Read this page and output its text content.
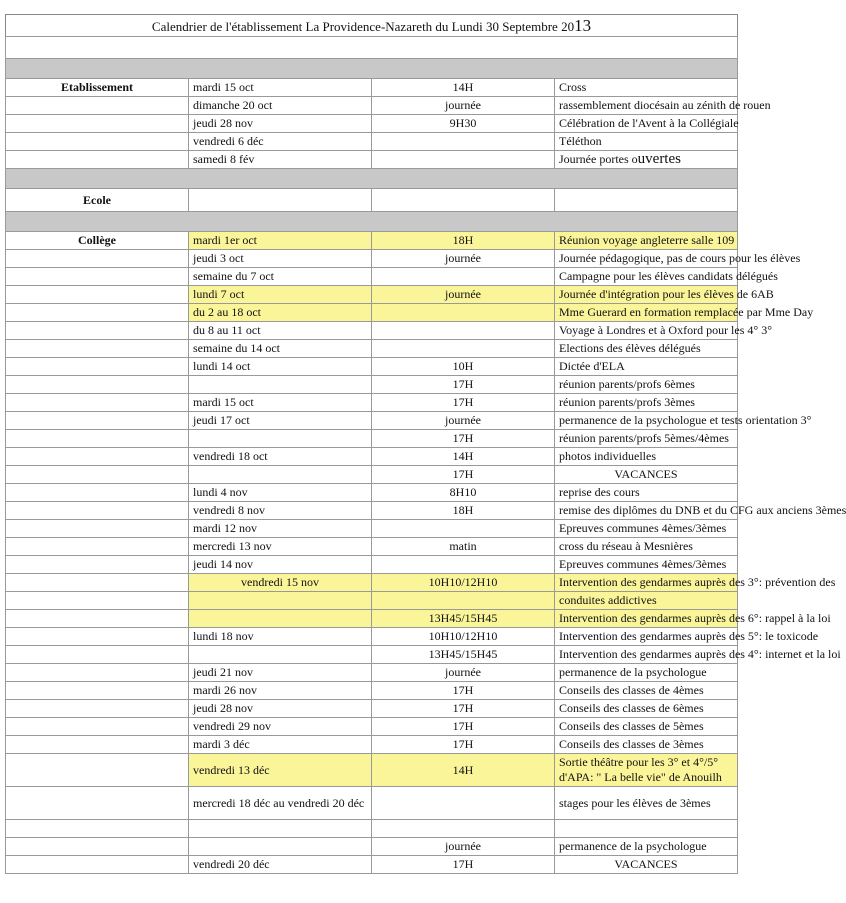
Calendrier de l'établissement La Providence-Nazareth du Lundi 30 Septembre 2013

Etablissement	mardi 15 oct	14H	Cross
	dimanche 20 oct	journée	rassemblement diocésain au zénith de rouen
	jeudi 28 nov	9H30	Célébration de l'Avent à la Collégiale
	vendredi 6 déc		Téléthon
	samedi 8 fév		Journée portes ouvertes

Ecole			

Collège	mardi 1er oct	18H	Réunion voyage angleterre salle 109
	jeudi 3 oct	journée	Journée pédagogique, pas de cours pour les élèves
	semaine du 7 oct		Campagne pour les élèves candidats délégués
	lundi 7 oct	journée	Journée d'intégration pour les élèves de 6AB
	du 2 au 18 oct		Mme Guerard en formation remplacée par Mme Day
	du 8 au 11 oct		Voyage à Londres et à Oxford pour les 4° 3°
	semaine du 14 oct		Elections des élèves délégués
	lundi 14 oct	10H	Dictée d'ELA
		17H	réunion parents/profs 6èmes
	mardi 15 oct	17H	réunion parents/profs 3èmes
	jeudi 17 oct	journée	permanence de la psychologue et tests orientation 3°
		17H	réunion parents/profs 5èmes/4èmes
	vendredi 18 oct	14H	photos individuelles
		17H	VACANCES
	lundi 4 nov	8H10	reprise des cours
	vendredi 8 nov	18H	remise des diplômes du DNB et du CFG aux anciens 3èmes
	mardi 12 nov		Epreuves communes 4èmes/3èmes
	mercredi 13 nov	matin	cross du réseau à Mesnières
	jeudi 14 nov		Epreuves communes 4èmes/3èmes
	vendredi 15 nov	10H10/12H10	Intervention des gendarmes auprès des 3°: prévention des
			conduites addictives
		13H45/15H45	Intervention des gendarmes auprès des 6°: rappel à la loi
	lundi 18 nov	10H10/12H10	Intervention des gendarmes auprès des 5°: le toxicode
		13H45/15H45	Intervention des gendarmes auprès des 4°: internet et la loi
	jeudi 21 nov	journée	permanence de la psychologue
	mardi 26 nov	17H	Conseils des classes de 4èmes
	jeudi 28 nov	17H	Conseils des classes de 6èmes
	vendredi 29 nov	17H	Conseils des classes de 5èmes
	mardi 3 déc	17H	Conseils des classes de 3èmes
	vendredi 13 déc	14H	Sortie théâtre pour les 3° et 4°/5° d'APA: " La belle vie" de Anouilh
	mercredi 18 déc au vendredi 20 déc		stages pour les élèves de 3èmes

		journée	permanence de la psychologue
	vendredi 20 déc	17H	VACANCES
